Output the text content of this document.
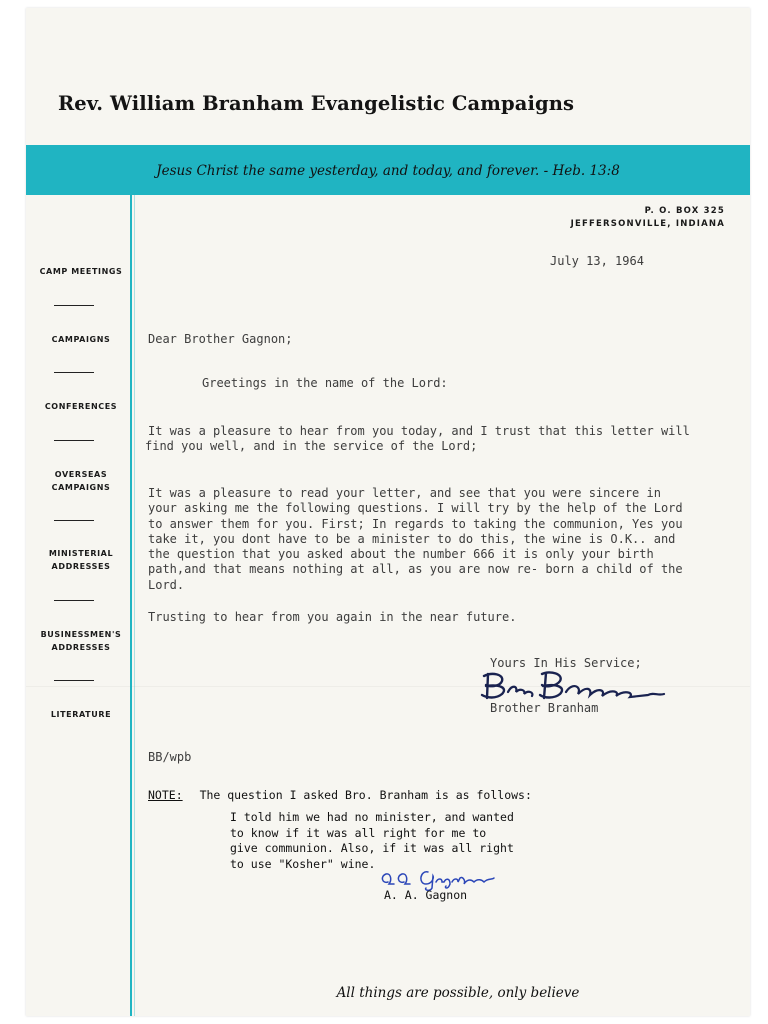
Rev. William Branham Evangelistic Campaigns
Jesus Christ the same yesterday, and today, and forever. - Heb. 13:8
CAMP MEETINGS
CAMPAIGNS
CONFERENCES
OVERSEAS
CAMPAIGNS
MINISTERIAL
ADDRESSES
BUSINESSMEN'S
ADDRESSES
LITERATURE
P. O. BOX 325
JEFFERSONVILLE, INDIANA
July 13, 1964
Dear Brother Gagnon;
Greetings in the name of the Lord:
It was a pleasure to hear from you today, and I trust that this letter will
find you well, and in the service of the Lord;
It was a pleasure to read your letter, and see that you were sincere in
your asking me the following questions. I will try by the help of the Lord
to answer them for you. First; In regards to taking the communion, Yes you
take it, you dont have to be a minister to do this, the wine is O.K.. and
the question that you asked about the number 666 it is only your birth
path,and that means nothing at all, as you are now re- born a child of the
Lord.
Trusting to hear from you again in the near future.
Yours In His Service;
Brother Branham
BB/wpb
NOTE: The question I asked Bro. Branham is as follows:
I told him we had no minister, and wanted
to know if it was all right for me to
give communion. Also, if it was all right
to use "Kosher" wine.
A. A. Gagnon
All things are possible, only believe
